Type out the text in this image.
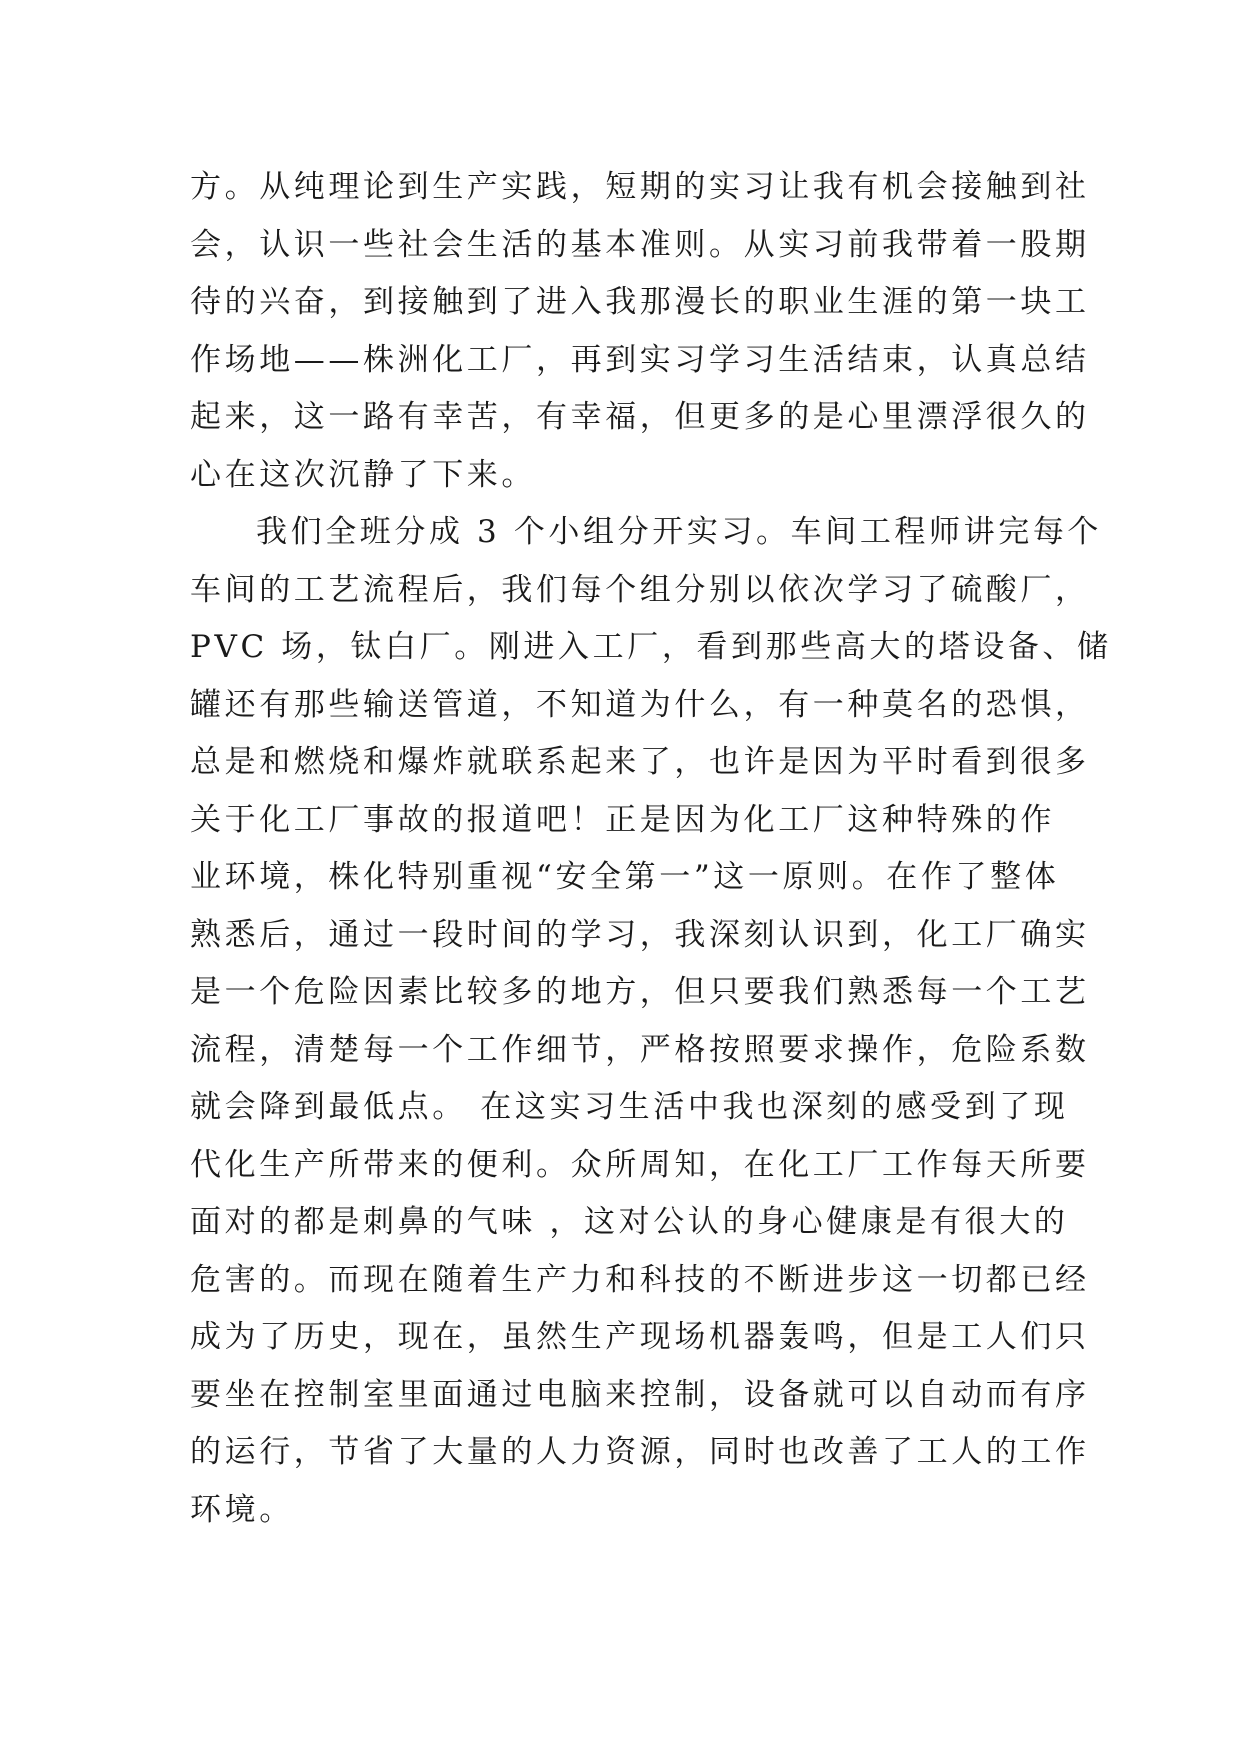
方。从纯理论到生产实践，短期的实习让我有机会接触到社
会，认识一些社会生活的基本准则。从实习前我带着一股期
待的兴奋，到接触到了进入我那漫长的职业生涯的第一块工
作场地——株洲化工厂，再到实习学习生活结束，认真总结
起来，这一路有幸苦，有幸福，但更多的是心里漂浮很久的
心在这次沉静了下来。
我们全班分成 3 个小组分开实习。车间工程师讲完每个
车间的工艺流程后，我们每个组分别以依次学习了硫酸厂，
PVC 场，钛白厂。刚进入工厂，看到那些高大的塔设备、储
罐还有那些输送管道，不知道为什么，有一种莫名的恐惧，
总是和燃烧和爆炸就联系起来了，也许是因为平时看到很多
关于化工厂事故的报道吧！正是因为化工厂这种特殊的作
业环境，株化特别重视“安全第一”这一原则。在作了整体
熟悉后，通过一段时间的学习，我深刻认识到，化工厂确实
是一个危险因素比较多的地方，但只要我们熟悉每一个工艺
流程，清楚每一个工作细节，严格按照要求操作，危险系数
就会降到最低点。 在这实习生活中我也深刻的感受到了现
代化生产所带来的便利。众所周知，在化工厂工作每天所要
面对的都是刺鼻的气味 ，这对公认的身心健康是有很大的
危害的。而现在随着生产力和科技的不断进步这一切都已经
成为了历史，现在，虽然生产现场机器轰鸣，但是工人们只
要坐在控制室里面通过电脑来控制，设备就可以自动而有序
的运行，节省了大量的人力资源，同时也改善了工人的工作
环境。
